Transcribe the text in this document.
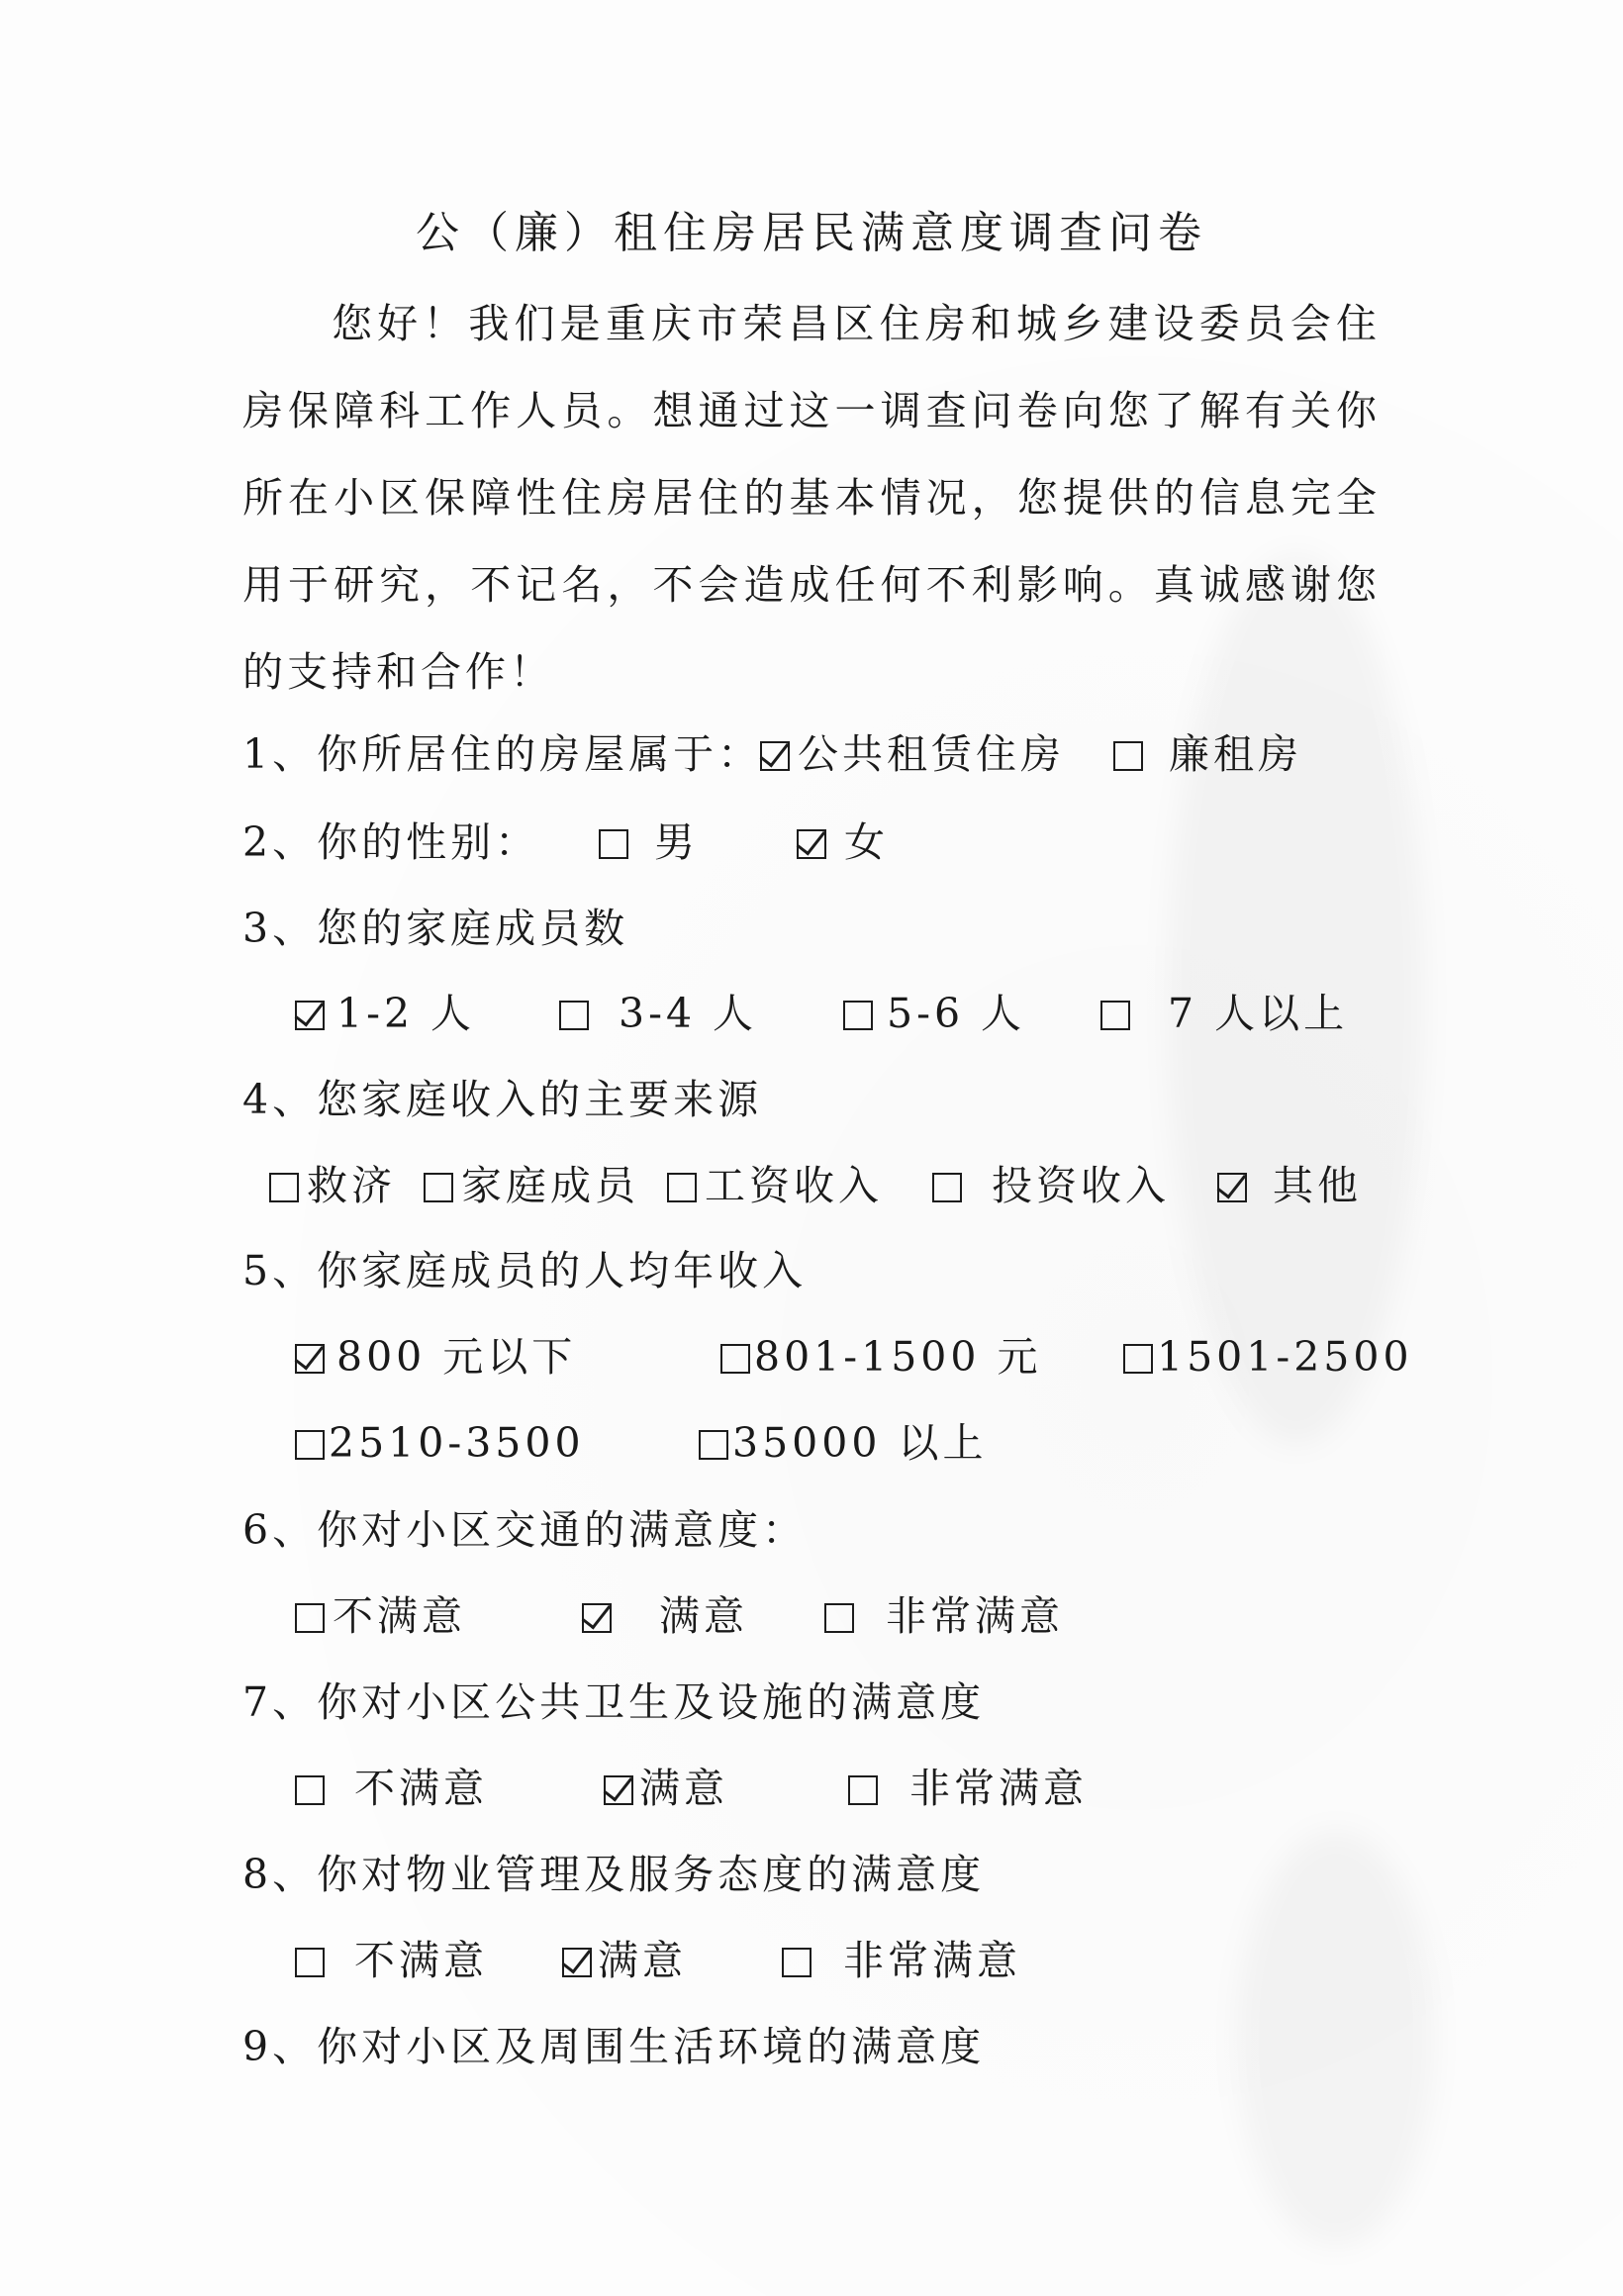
公（廉）租住房居民满意度调查问卷

您好！我们是重庆市荣昌区住房和城乡建设委员会住房保障科工作人员。想通过这一调查问卷向您了解有关你所在小区保障性住房居住的基本情况，您提供的信息完全用于研究，不记名，不会造成任何不利影响。真诚感谢您的支持和合作！

1、你所居住的房屋属于： 公共租赁住房	廉租房
2、你的性别：	男	女
3、您的家庭成员数
1-2 人	3-4 人	5-6 人	7 人以上
4、您家庭收入的主要来源
救济	家庭成员	工资收入	投资收入	其他
5、你家庭成员的人均年收入
800 元以下	801-1500 元	1501-2500
2510-3500	35000 以上
6、你对小区交通的满意度：
不满意	满意	非常满意
7、你对小区公共卫生及设施的满意度
不满意	满意	非常满意
8、你对物业管理及服务态度的满意度
不满意	满意	非常满意
9、你对小区及周围生活环境的满意度
